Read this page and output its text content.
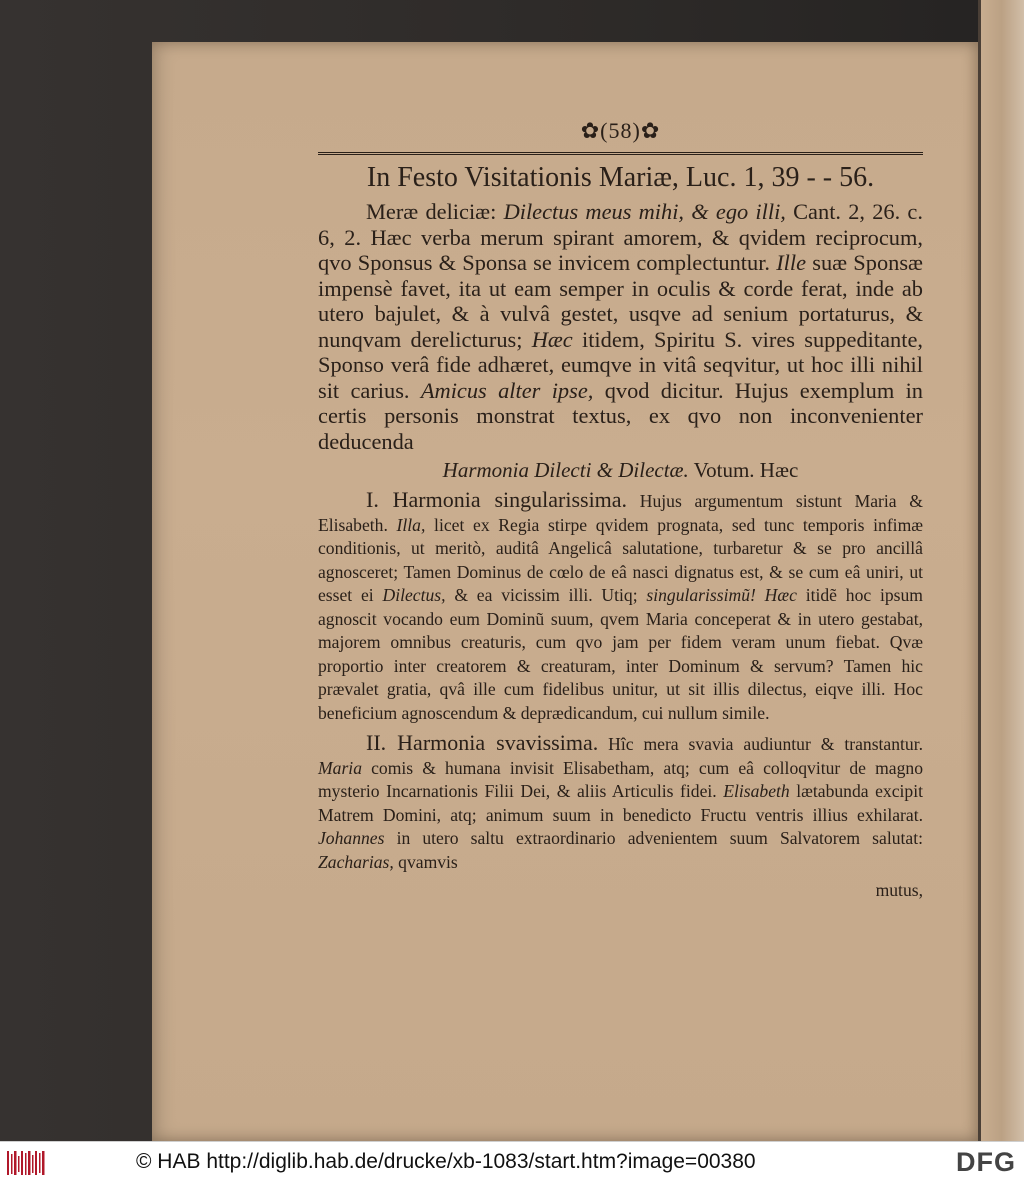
✿(58)✿
In Festo Visitationis Mariæ, Luc. 1, 39 - - 56.

Meræ deliciæ: Dilectus meus mihi, & ego illi, Cant. 2, 26. c. 6, 2. Hæc verba merum spirant amorem, & qvidem reciprocum, qvo Sponsus & Sponsa se invicem complectuntur. Ille suæ Sponsæ impensè favet, ita ut eam semper in oculis & corde ferat, inde ab utero bajulet, & à vulvâ gestet, usqve ad senium portaturus, & nunqvam derelicturus; Hæc itidem, Spiritu S. vires suppeditante, Sponso verâ fide adhæret, eumqve in vitâ seqvitur, ut hoc illi nihil sit carius. Amicus alter ipse, qvod dicitur. Hujus exemplum in certis personis monstrat textus, ex qvo non inconvenienter deducenda

Harmonia Dilecti & Dilectæ. Votum. Hæc

I. Harmonia singularissima. Hujus argumentum sistunt Maria & Elisabeth. Illa, licet ex Regia stirpe qvidem prognata, sed tunc temporis infimæ conditionis, ut meritò, auditâ Angelicâ salutatione, turbaretur & se pro ancillâ agnosceret; Tamen Dominus de cœlo de eâ nasci dignatus est, & se cum eâ uniri, ut esset ei Dilectus, & ea vicissim illi. Utiq; singularissimũ! Hæc itidẽ hoc ipsum agnoscit vocando eum Dominũ suum, qvem Maria conceperat & in utero gestabat, majorem omnibus creaturis, cum qvo jam per fidem veram unum fiebat. Qvæ proportio inter creatorem & creaturam, inter Dominum & servum? Tamen hic prævalet gratia, qvâ ille cum fidelibus unitur, ut sit illis dilectus, eiqve illi. Hoc beneficium agnoscendum & deprædicandum, cui nullum simile.

II. Harmonia svavissima. Hîc mera svavia audiuntur & transtantur. Maria comis & humana invisit Elisabetham, atq; cum eâ colloqvitur de magno mysterio Incarnationis Filii Dei, & aliis Articulis fidei. Elisabeth lætabunda excipit Matrem Domini, atq; animum suum in benedicto Fructu ventris illius exhilarat. Johannes in utero saltu extraordinario advenientem suum Salvatorem salutat: Zacharias, qvamvis

mutus,
© HAB http://diglib.hab.de/drucke/xb-1083/start.htm?image=00380	DFG
